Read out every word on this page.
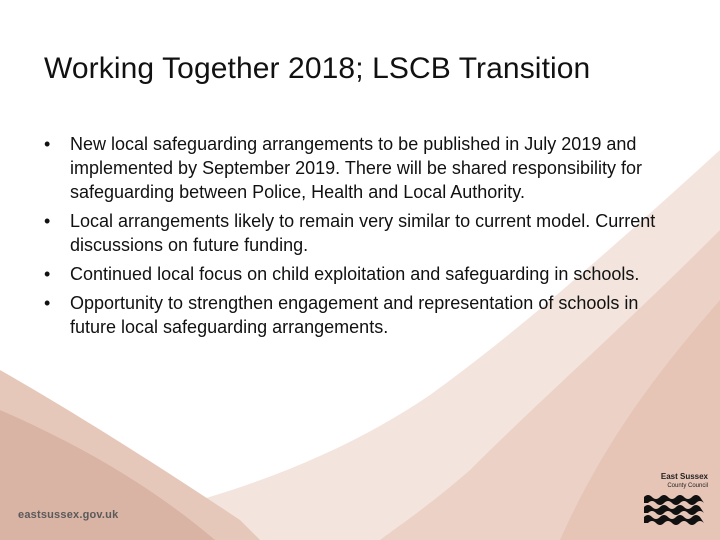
Working Together 2018; LSCB Transition
•	New local safeguarding arrangements to be published in July 2019 and implemented by September 2019. There will be shared responsibility for safeguarding between Police, Health and Local Authority.
•	Local arrangements likely to remain very similar to current model. Current discussions on future funding.
•	Continued local focus on child exploitation and safeguarding in schools.
•	Opportunity to strengthen engagement and representation of schools in future local safeguarding arrangements.
eastsussex.gov.uk
East Sussex
County Council
